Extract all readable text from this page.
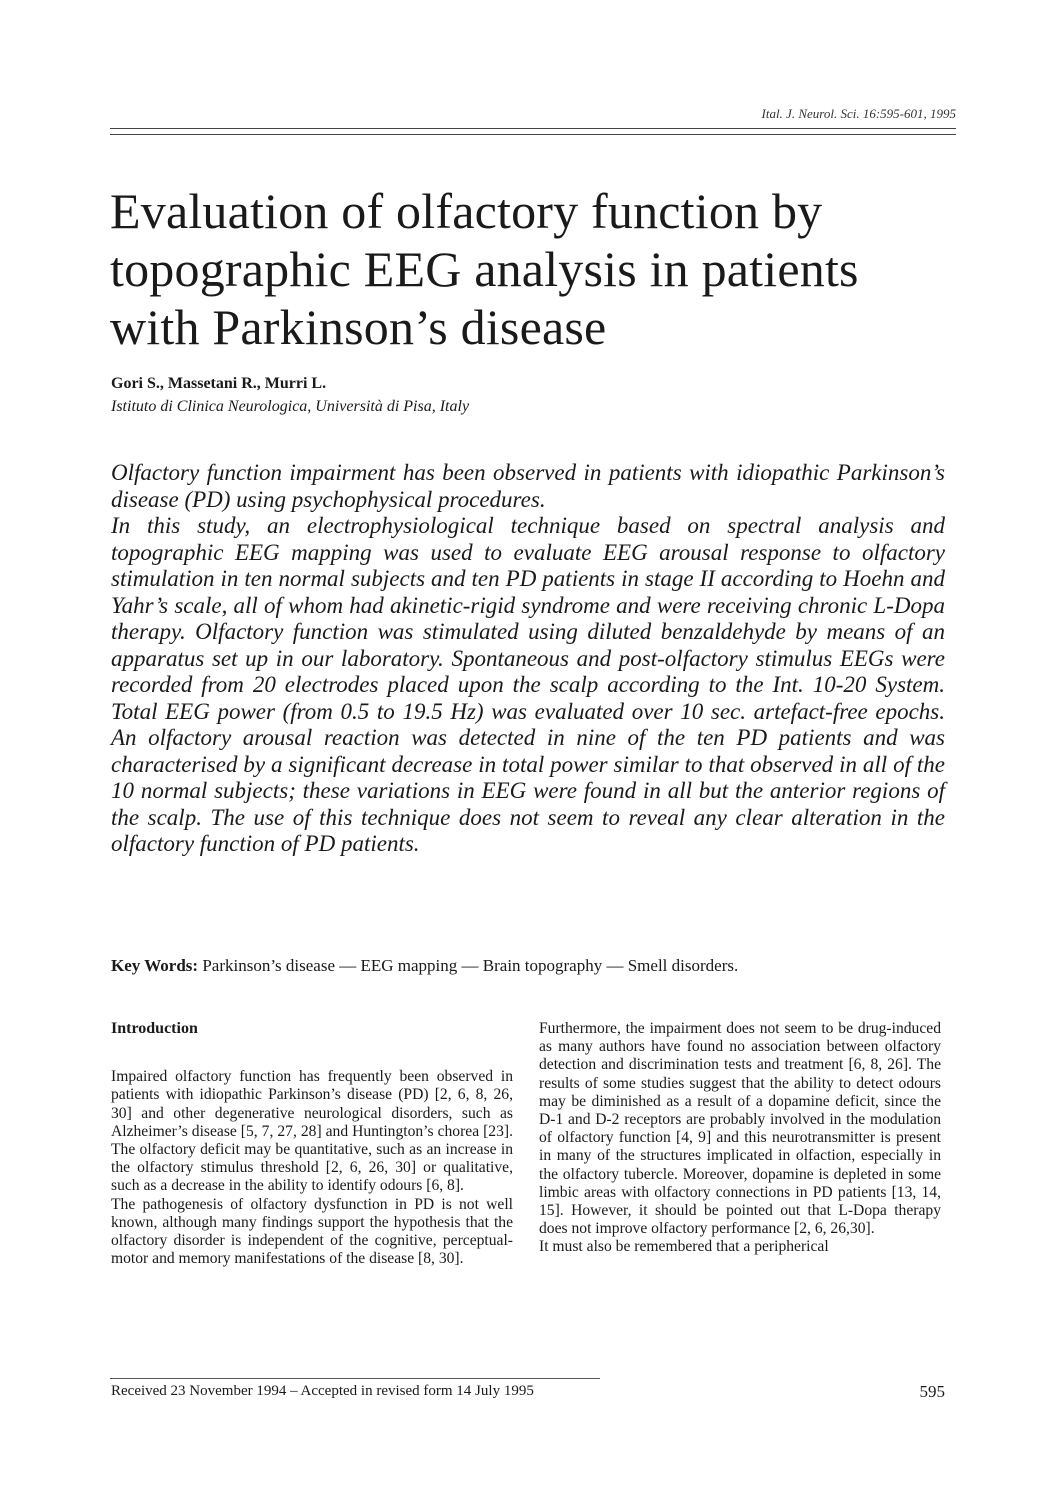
Ital. J. Neurol. Sci. 16:595-601, 1995
Evaluation of olfactory function by topographic EEG analysis in patients with Parkinson’s disease
Gori S., Massetani R., Murri L.
Istituto di Clinica Neurologica, Università di Pisa, Italy

Olfactory function impairment has been observed in patients with idiopathic Parkinson’s disease (PD) using psychophysical procedures.

In this study, an electrophysiological technique based on spectral analysis and topographic EEG mapping was used to evaluate EEG arousal response to olfactory stimulation in ten normal subjects and ten PD patients in stage II according to Hoehn and Yahr’s scale, all of whom had akinetic-rigid syndrome and were receiving chronic L-Dopa therapy. Olfactory function was stimulated using diluted benzaldehyde by means of an apparatus set up in our laboratory. Spontaneous and post-olfactory stimulus EEGs were recorded from 20 electrodes placed upon the scalp according to the Int. 10-20 System. Total EEG power (from 0.5 to 19.5 Hz) was evaluated over 10 sec. artefact-free epochs. An olfactory arousal reaction was detected in nine of the ten PD patients and was characterised by a significant decrease in total power similar to that observed in all of the 10 normal subjects; these variations in EEG were found in all but the anterior regions of the scalp. The use of this technique does not seem to reveal any clear alteration in the olfactory function of PD patients.

Key Words: Parkinson’s disease — EEG mapping — Brain topography — Smell disorders.
Introduction

Impaired olfactory function has frequently been observed in patients with idiopathic Parkinson’s disease (PD) [2, 6, 8, 26, 30] and other degenerative neurological disorders, such as Alzheimer’s disease [5, 7, 27, 28] and Huntington’s chorea [23]. The olfactory deficit may be quantitative, such as an increase in the olfactory stimulus threshold [2, 6, 26, 30] or qualitative, such as a decrease in the ability to identify odours [6, 8].

The pathogenesis of olfactory dysfunction in PD is not well known, although many findings support the hypothesis that the olfactory disorder is independent of the cognitive, perceptual-motor and memory manifestations of the disease [8, 30].

Furthermore, the impairment does not seem to be drug-induced as many authors have found no association between olfactory detection and discrimination tests and treatment [6, 8, 26]. The results of some studies suggest that the ability to detect odours may be diminished as a result of a dopamine deficit, since the D-1 and D-2 receptors are probably involved in the modulation of olfactory function [4, 9] and this neurotransmitter is present in many of the structures implicated in olfaction, especially in the olfactory tubercle. Moreover, dopamine is depleted in some limbic areas with olfactory connections in PD patients [13, 14, 15]. However, it should be pointed out that L-Dopa therapy does not improve olfactory performance [2, 6, 26,30].

It must also be remembered that a peripherical

Received 23 November 1994 – Accepted in revised form 14 July 1995	595
